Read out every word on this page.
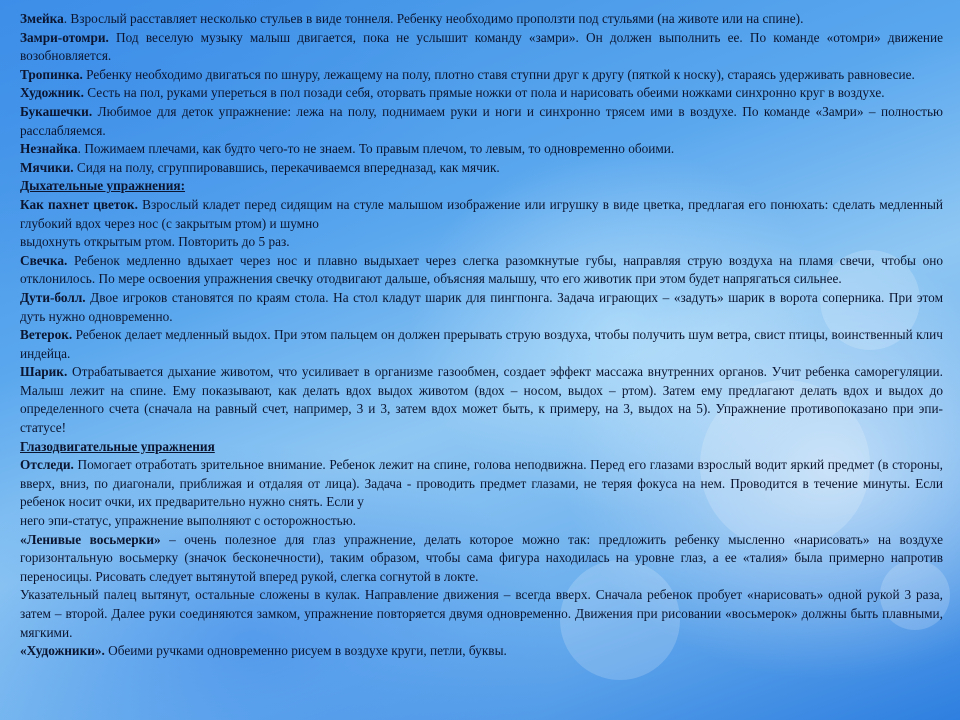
Змейка. Взрослый расставляет несколько стульев в виде тоннеля. Ребенку необходимо проползти под стульями (на животе или на спине).

Замри-отомри. Под веселую музыку малыш двигается, пока не услышит команду «замри». Он должен выполнить ее. По команде «отомри» движение возобновляется.

Тропинка. Ребенку необходимо двигаться по шнуру, лежащему на полу, плотно ставя ступни друг к другу (пяткой к носку), стараясь удерживать равновесие.

Художник. Сесть на пол, руками упереться в пол позади себя, оторвать прямые ножки от пола и нарисовать обеими ножками синхронно круг в воздухе.

Букашечки. Любимое для деток упражнение: лежа на полу, поднимаем руки и ноги и синхронно трясем ими в воздухе. По команде «Замри» – полностью расслабляемся.

Незнайка. Пожимаем плечами, как будто чего-то не знаем. То правым плечом, то левым, то одновременно обоими.

Мячики. Сидя на полу, сгруппировавшись, перекачиваемся впередназад, как мячик.

Дыхательные упражнения:

Как пахнет цветок. Взрослый кладет перед сидящим на стуле малышом изображение или игрушку в виде цветка, предлагая его понюхать: сделать медленный глубокий вдох через нос (с закрытым ртом) и шумно
выдохнуть открытым ртом. Повторить до 5 раз.

Свечка. Ребенок медленно вдыхает через нос и плавно выдыхает через слегка разомкнутые губы, направляя струю воздуха на пламя свечи, чтобы оно отклонилось. По мере освоения упражнения свечку отодвигают дальше, объясняя малышу, что его животик при этом будет напрягаться сильнее.

Дути-болл. Двое игроков становятся по краям стола. На стол кладут шарик для пингпонга. Задача играющих – «задуть» шарик в ворота соперника. При этом дуть нужно одновременно.

Ветерок. Ребенок делает медленный выдох. При этом пальцем он должен прерывать струю воздуха, чтобы получить шум ветра, свист птицы, воинственный клич индейца.

Шарик. Отрабатывается дыхание животом, что усиливает в организме газообмен, создает эффект массажа внутренних органов. Учит ребенка саморегуляции. Малыш лежит на спине. Ему показывают, как делать вдох выдох животом (вдох – носом, выдох – ртом). Затем ему предлагают делать вдох и выдох до определенного счета (сначала на равный счет, например, 3 и 3, затем вдох может быть, к примеру, на 3, выдох на 5). Упражнение противопоказано при эпи-статусе!

Глазодвигательные упражнения

Отследи. Помогает отработать зрительное внимание. Ребенок лежит на спине, голова неподвижна. Перед его глазами взрослый водит яркий предмет (в стороны, вверх, вниз, по диагонали, приближая и отдаляя от лица). Задача - проводить предмет глазами, не теряя фокуса на нем. Проводится в течение минуты. Если ребенок носит очки, их предварительно нужно снять. Если у
него эпи-статус, упражнение выполняют с осторожностью.

«Ленивые восьмерки» – очень полезное для глаз упражнение, делать которое можно так: предложить ребенку мысленно «нарисовать» на воздухе горизонтальную восьмерку (значок бесконечности), таким образом, чтобы сама фигура находилась на уровне глаз, а ее «талия» была примерно напротив переносицы. Рисовать следует вытянутой вперед рукой, слегка согнутой в локте.

Указательный палец вытянут, остальные сложены в кулак. Направление движения – всегда вверх. Сначала ребенок пробует «нарисовать» одной рукой 3 раза, затем – второй. Далее руки соединяются замком, упражнение повторяется двумя одновременно. Движения при рисовании «восьмерок» должны быть плавными, мягкими.

«Художники». Обеими ручками одновременно рисуем в воздухе круги, петли, буквы.
